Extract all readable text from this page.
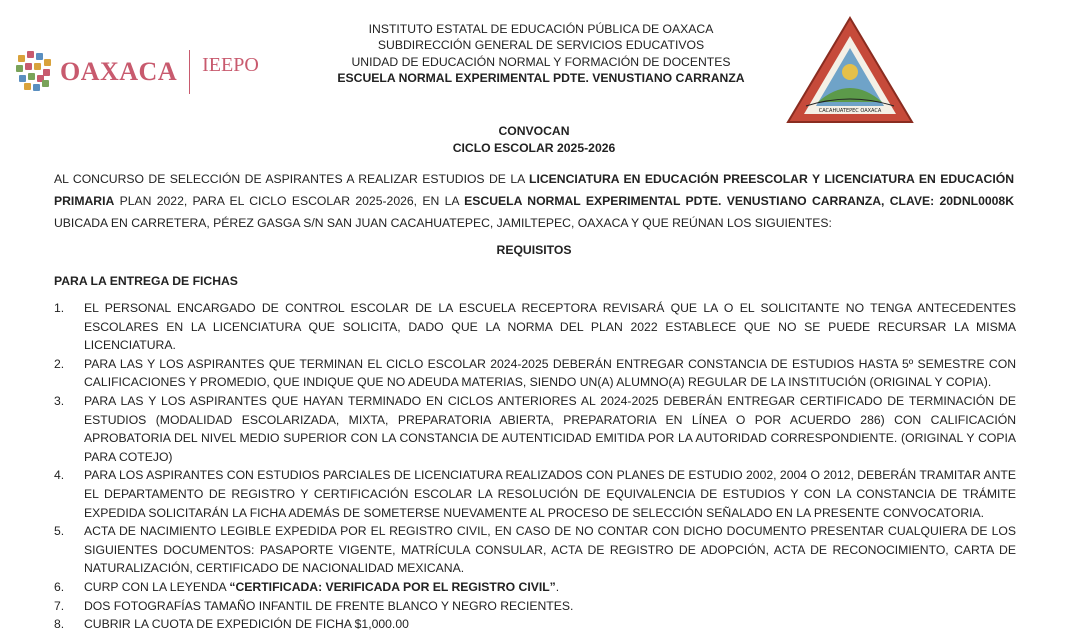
OAXACA IEEPO
INSTITUTO ESTATAL DE EDUCACIÓN PÚBLICA DE OAXACA
SUBDIRECCIÓN GENERAL DE SERVICIOS EDUCATIVOS
UNIDAD DE EDUCACIÓN NORMAL Y FORMACIÓN DE DOCENTES
ESCUELA NORMAL EXPERIMENTAL PDTE. VENUSTIANO CARRANZA
CACAHUATEPEC OAXACA
CONVOCAN
CICLO ESCOLAR 2025-2026
AL CONCURSO DE SELECCIÓN DE ASPIRANTES A REALIZAR ESTUDIOS DE LA LICENCIATURA EN EDUCACIÓN PREESCOLAR Y LICENCIATURA EN EDUCACIÓN PRIMARIA PLAN 2022, PARA EL CICLO ESCOLAR 2025-2026, EN LA ESCUELA NORMAL EXPERIMENTAL PDTE. VENUSTIANO CARRANZA, CLAVE: 20DNL0008K UBICADA EN CARRETERA, PÉREZ GASGA S/N SAN JUAN CACAHUATEPEC, JAMILTEPEC, OAXACA Y QUE REÚNAN LOS SIGUIENTES:
REQUISITOS
PARA LA ENTREGA DE FICHAS
1.	EL PERSONAL ENCARGADO DE CONTROL ESCOLAR DE LA ESCUELA RECEPTORA REVISARÁ QUE LA O EL SOLICITANTE NO TENGA ANTECEDENTES ESCOLARES EN LA LICENCIATURA QUE SOLICITA, DADO QUE LA NORMA DEL PLAN 2022 ESTABLECE QUE NO SE PUEDE RECURSAR LA MISMA LICENCIATURA.
2.	PARA LAS Y LOS ASPIRANTES QUE TERMINAN EL CICLO ESCOLAR 2024-2025 DEBERÁN ENTREGAR CONSTANCIA DE ESTUDIOS HASTA 5º SEMESTRE CON CALIFICACIONES Y PROMEDIO, QUE INDIQUE QUE NO ADEUDA MATERIAS, SIENDO UN(A) ALUMNO(A) REGULAR DE LA INSTITUCIÓN (ORIGINAL Y COPIA).
3.	PARA LAS Y LOS ASPIRANTES QUE HAYAN TERMINADO EN CICLOS ANTERIORES AL 2024-2025 DEBERÁN ENTREGAR CERTIFICADO DE TERMINACIÓN DE ESTUDIOS (MODALIDAD ESCOLARIZADA, MIXTA, PREPARATORIA ABIERTA, PREPARATORIA EN LÍNEA O POR ACUERDO 286) CON CALIFICACIÓN APROBATORIA DEL NIVEL MEDIO SUPERIOR CON LA CONSTANCIA DE AUTENTICIDAD EMITIDA POR LA AUTORIDAD CORRESPONDIENTE. (ORIGINAL Y COPIA PARA COTEJO)
4.	PARA LOS ASPIRANTES CON ESTUDIOS PARCIALES DE LICENCIATURA REALIZADOS CON PLANES DE ESTUDIO 2002, 2004 O 2012, DEBERÁN TRAMITAR ANTE EL DEPARTAMENTO DE REGISTRO Y CERTIFICACIÓN ESCOLAR LA RESOLUCIÓN DE EQUIVALENCIA DE ESTUDIOS Y CON LA CONSTANCIA DE TRÁMITE EXPEDIDA SOLICITARÁN LA FICHA ADEMÁS DE SOMETERSE NUEVAMENTE AL PROCESO DE SELECCIÓN SEÑALADO EN LA PRESENTE CONVOCATORIA.
5.	ACTA DE NACIMIENTO LEGIBLE EXPEDIDA POR EL REGISTRO CIVIL, EN CASO DE NO CONTAR CON DICHO DOCUMENTO PRESENTAR CUALQUIERA DE LOS SIGUIENTES DOCUMENTOS: PASAPORTE VIGENTE, MATRÍCULA CONSULAR, ACTA DE REGISTRO DE ADOPCIÓN, ACTA DE RECONOCIMIENTO, CARTA DE NATURALIZACIÓN, CERTIFICADO DE NACIONALIDAD MEXICANA.
6.	CURP CON LA LEYENDA “CERTIFICADA: VERIFICADA POR EL REGISTRO CIVIL”.
7.	DOS FOTOGRAFÍAS TAMAÑO INFANTIL DE FRENTE BLANCO Y NEGRO RECIENTES.
8.	CUBRIR LA CUOTA DE EXPEDICIÓN DE FICHA $1,000.00
